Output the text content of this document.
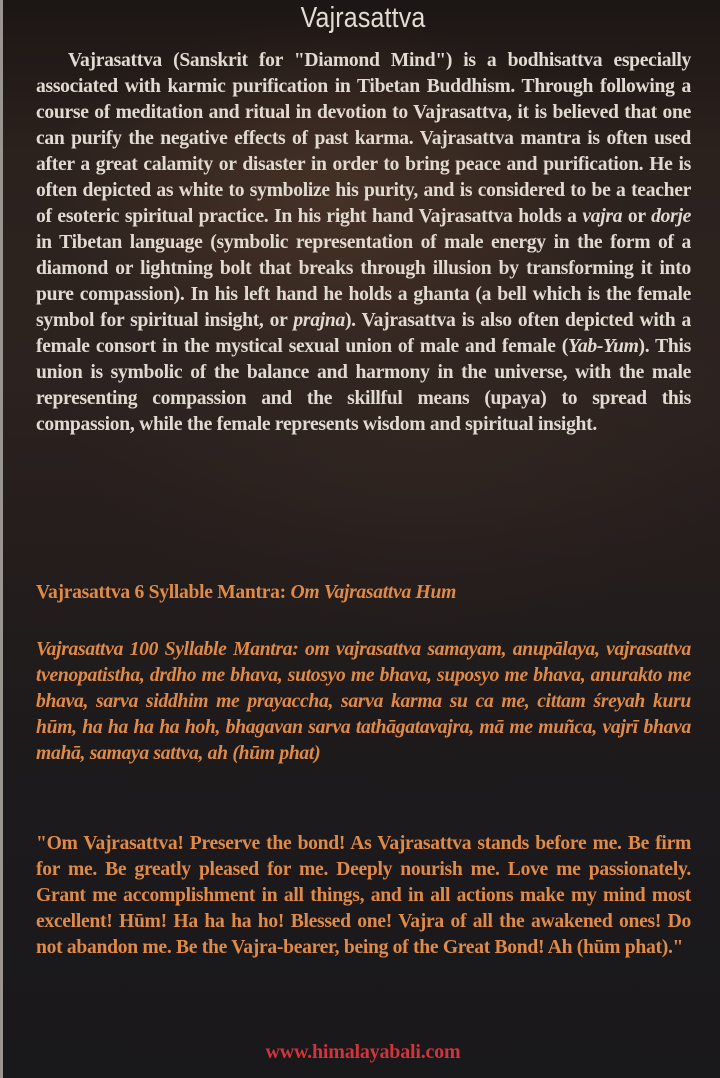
Vajrasattva
Vajrasattva (Sanskrit for "Diamond Mind") is a bodhisattva especially associated with karmic purification in Tibetan Buddhism. Through following a course of meditation and ritual in devotion to Vajrasattva, it is believed that one can purify the negative effects of past karma. Vajrasattva mantra is often used after a great calamity or disaster in order to bring peace and purification. He is often depicted as white to symbolize his purity, and is considered to be a teacher of esoteric spiritual practice. In his right hand Vajrasattva holds a vajra or dorje in Tibetan language (symbolic representation of male energy in the form of a diamond or lightning bolt that breaks through illusion by transforming it into pure compassion). In his left hand he holds a ghanta (a bell which is the female symbol for spiritual insight, or prajna). Vajrasattva is also often depicted with a female consort in the mystical sexual union of male and female (Yab-Yum). This union is symbolic of the balance and harmony in the universe, with the male representing compassion and the skillful means (upaya) to spread this compassion, while the female represents wisdom and spiritual insight.
Vajrasattva 6 Syllable Mantra: Om Vajrasattva Hum
Vajrasattva 100 Syllable Mantra: om vajrasattva samayam, anupālaya, vajrasattva tvenopatistha, drdho me bhava, sutosyo me bhava, suposyo me bhava, anurakto me bhava, sarva siddhim me prayaccha, sarva karma su ca me, cittam śreyah kuru hūm, ha ha ha ha hoh, bhagavan sarva tathāgatavajra, mā me muñca, vajrī bhava mahā, samaya sattva, ah (hūm phat)
"Om Vajrasattva! Preserve the bond! As Vajrasattva stands before me. Be firm for me. Be greatly pleased for me. Deeply nourish me. Love me passionately. Grant me accomplishment in all things, and in all actions make my mind most excellent! Hūm! Ha ha ha ho! Blessed one! Vajra of all the awakened ones! Do not abandon me. Be the Vajra-bearer, being of the Great Bond! Ah (hūm phat)."
www.himalayabali.com
